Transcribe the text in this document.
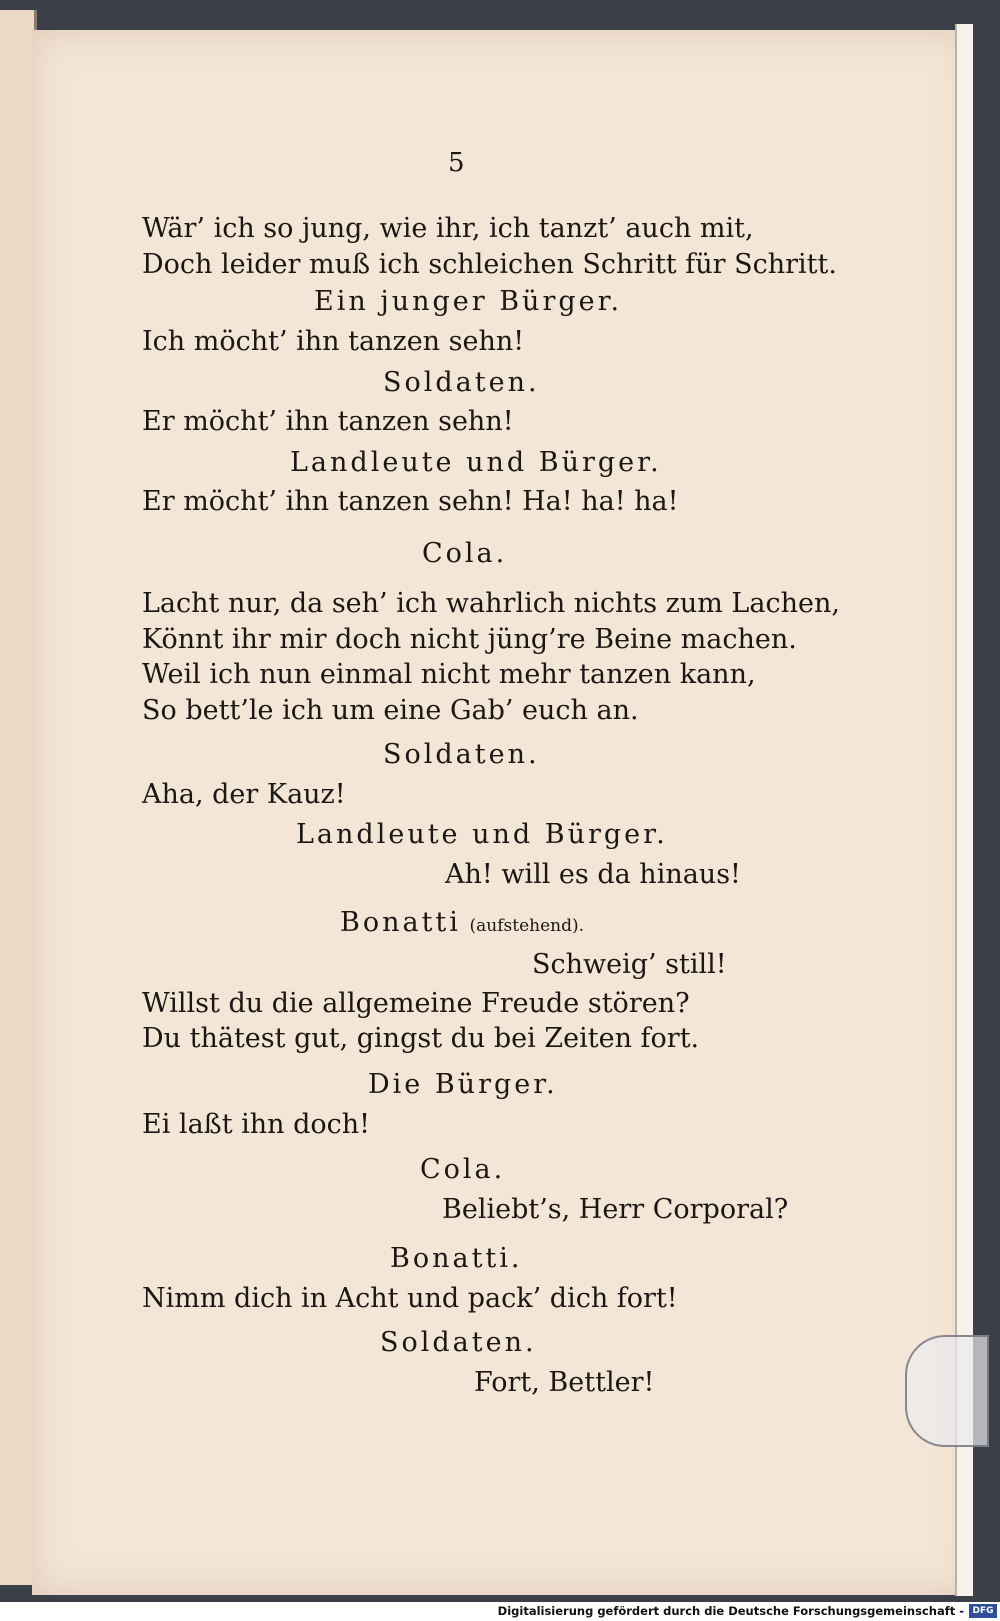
5
Wär’ ich so jung, wie ihr, ich tanzt’ auch mit,
Doch leider muß ich schleichen Schritt für Schritt.
Ein junger Bürger.
Ich möcht’ ihn tanzen sehn!
Soldaten.
Er möcht’ ihn tanzen sehn!
Landleute und Bürger.
Er möcht’ ihn tanzen sehn! Ha! ha! ha!
Cola.
Lacht nur, da seh’ ich wahrlich nichts zum Lachen,
Könnt ihr mir doch nicht jüng’re Beine machen.
Weil ich nun einmal nicht mehr tanzen kann,
So bett’le ich um eine Gab’ euch an.
Soldaten.
Aha, der Kauz!
Landleute und Bürger.
Ah! will es da hinaus!
Bonatti (aufstehend).
Schweig’ still!
Willst du die allgemeine Freude stören?
Du thätest gut, gingst du bei Zeiten fort.
Die Bürger.
Ei laßt ihn doch!
Cola.
Beliebt’s, Herr Corporal?
Bonatti.
Nimm dich in Acht und pack’ dich fort!
Soldaten.
Fort, Bettler!
Digitalisierung gefördert durch die Deutsche Forschungsgemeinschaft - DFG
